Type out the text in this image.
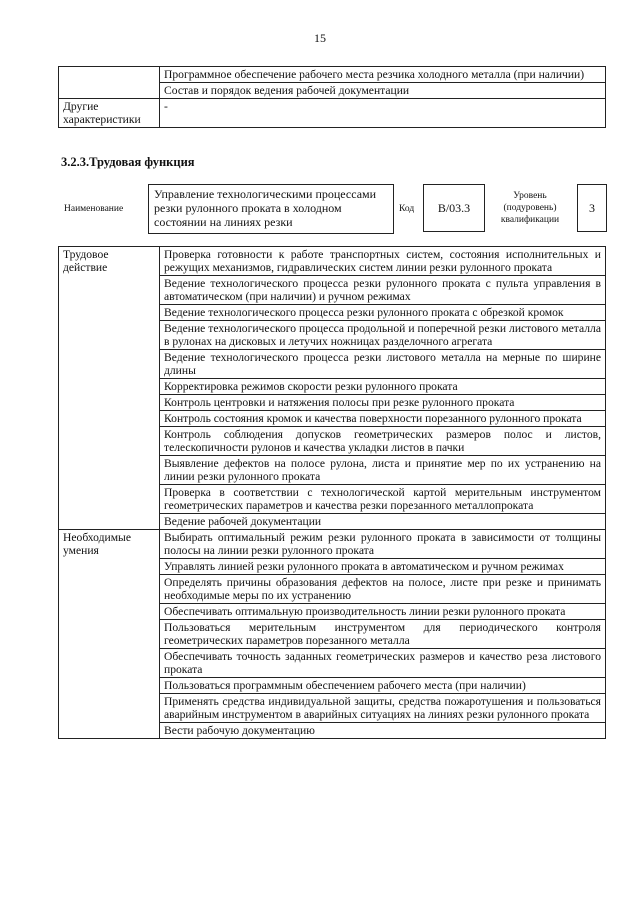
15
	Программное обеспечение рабочего места резчика холодного металла (при наличии)
	Состав и порядок ведения рабочей документации
Другие характеристики	-
3.2.3.Трудовая функция
Наименование
Управление технологическими процессами резки рулонного проката в холодном состоянии на линиях резки
Код	B/03.3
Уровень (подуровень) квалификации
3
Трудовое действие	Проверка готовности к работе транспортных систем, состояния исполнительных и режущих механизмов, гидравлических систем линии резки рулонного проката
	Ведение технологического процесса резки рулонного проката с пульта управления в автоматическом (при наличии) и ручном режимах
	Ведение технологического процесса резки рулонного проката с обрезкой кромок
	Ведение технологического процесса продольной и поперечной резки листового металла в рулонах на дисковых и летучих ножницах разделочного агрегата
	Ведение технологического процесса резки листового металла на мерные по ширине длины
	Корректировка режимов скорости резки рулонного проката
	Контроль центровки и натяжения полосы при резке рулонного проката
	Контроль состояния кромок и качества поверхности порезанного рулонного проката
	Контроль соблюдения допусков геометрических размеров полос и листов, телескопичности рулонов и качества укладки листов в пачки
	Выявление дефектов на полосе рулона, листа и принятие мер по их устранению на линии резки рулонного проката
	Проверка в соответствии с технологической картой мерительным инструментом геометрических параметров и качества резки порезанного металлопроката
	Ведение рабочей документации
Необходимые умения	Выбирать оптимальный режим резки рулонного проката в зависимости от толщины полосы на линии резки рулонного проката
	Управлять линией резки рулонного проката в автоматическом и ручном режимах
	Определять причины образования дефектов на полосе, листе при резке и принимать необходимые меры по их устранению
	Обеспечивать оптимальную производительность линии резки рулонного проката
	Пользоваться мерительным инструментом для периодического контроля геометрических параметров порезанного металла
	Обеспечивать точность заданных геометрических размеров и качество реза листового проката
	Пользоваться программным обеспечением рабочего места (при наличии)
	Применять средства индивидуальной защиты, средства пожаротушения и пользоваться аварийным инструментом в аварийных ситуациях на линиях резки рулонного проката
	Вести рабочую документацию
